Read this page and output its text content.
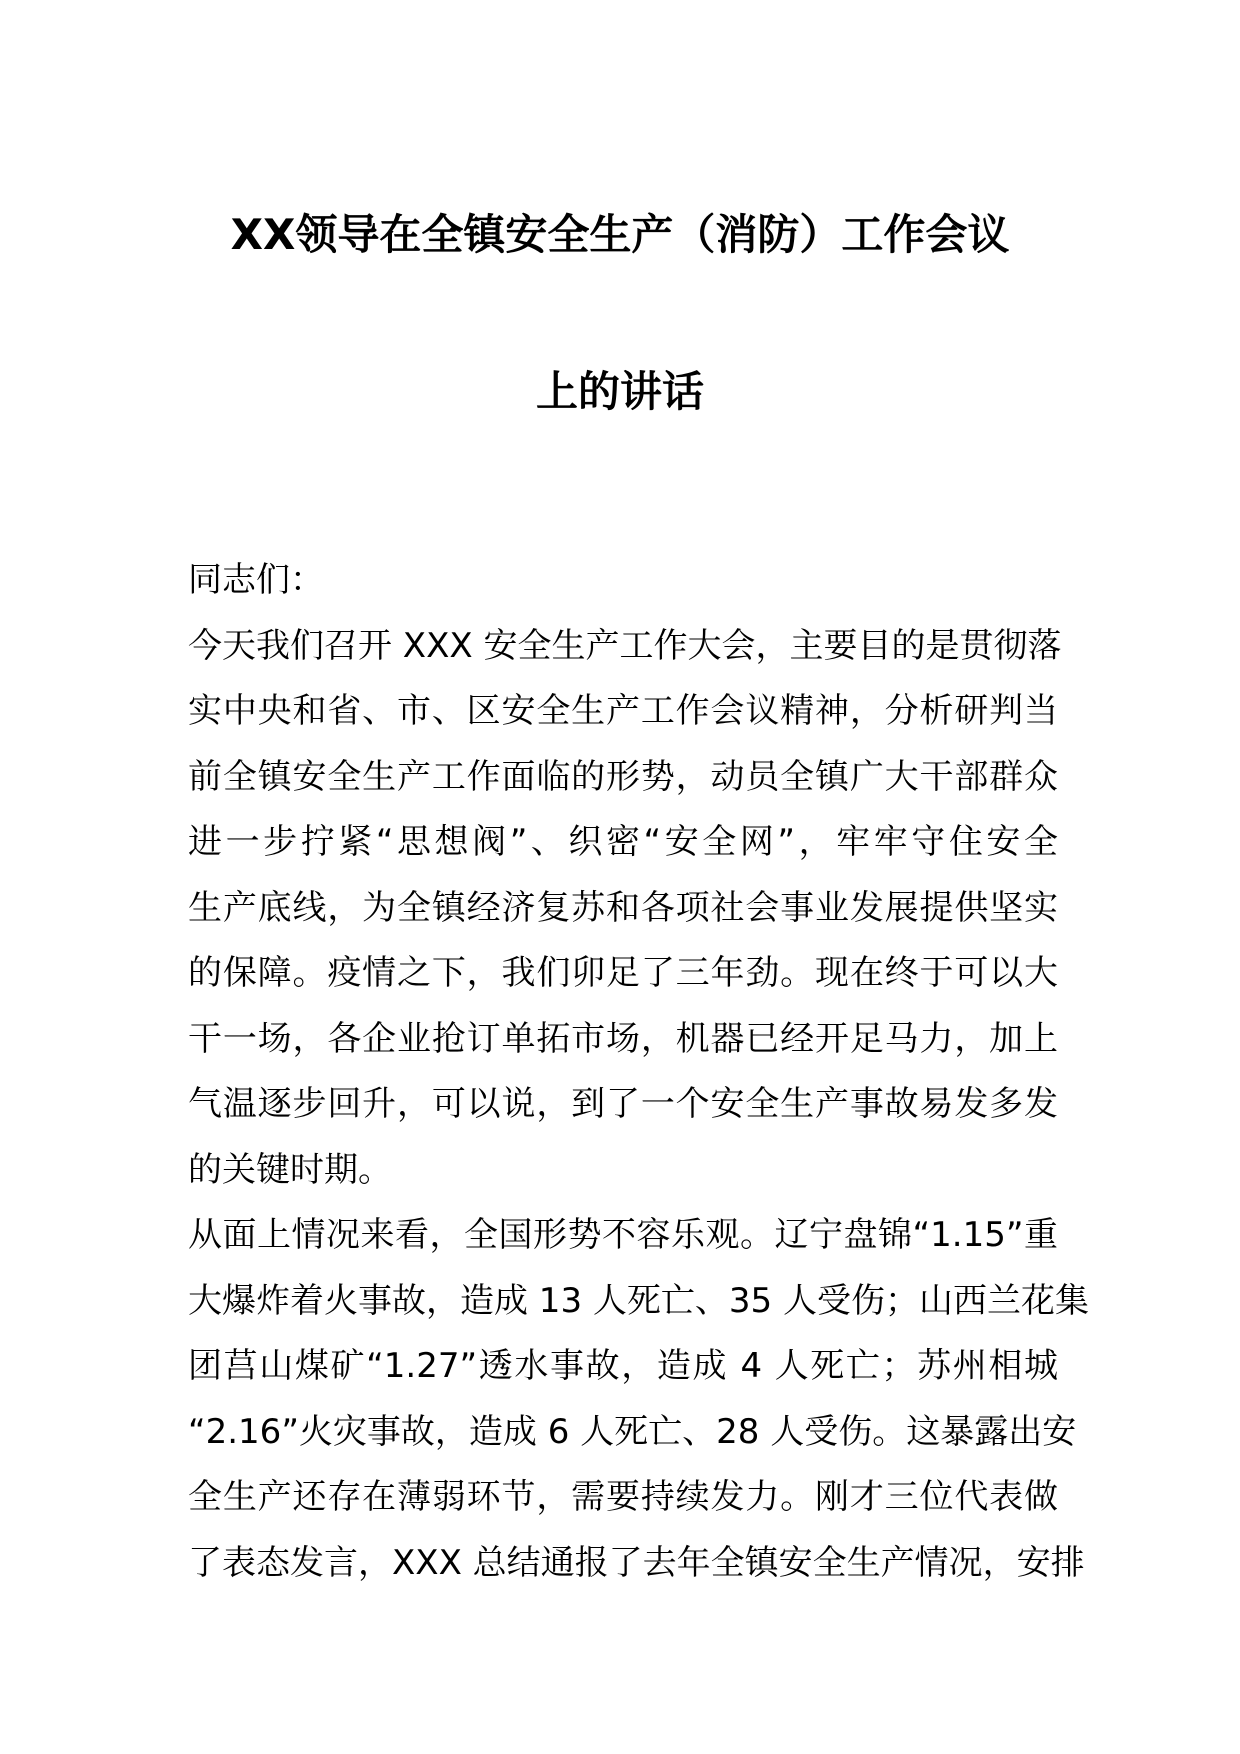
XX领导在全镇安全生产（消防）工作会议
上的讲话
同志们：
今天我们召开 XXX 安全生产工作大会，主要目的是贯彻落
实中央和省、市、区安全生产工作会议精神，分析研判当
前全镇安全生产工作面临的形势，动员全镇广大干部群众
进一步拧紧“思想阀”、织密“安全网”，牢牢守住安全
生产底线，为全镇经济复苏和各项社会事业发展提供坚实
的保障。疫情之下，我们卯足了三年劲。现在终于可以大
干一场，各企业抢订单拓市场，机器已经开足马力，加上
气温逐步回升，可以说，到了一个安全生产事故易发多发
的关键时期。
从面上情况来看，全国形势不容乐观。辽宁盘锦“1.15”重
大爆炸着火事故，造成 13 人死亡、35 人受伤；山西兰花集
团莒山煤矿“1.27”透水事故，造成 4 人死亡；苏州相城
“2.16”火灾事故，造成 6 人死亡、28 人受伤。这暴露出安
全生产还存在薄弱环节，需要持续发力。刚才三位代表做
了表态发言，XXX 总结通报了去年全镇安全生产情况，安排
